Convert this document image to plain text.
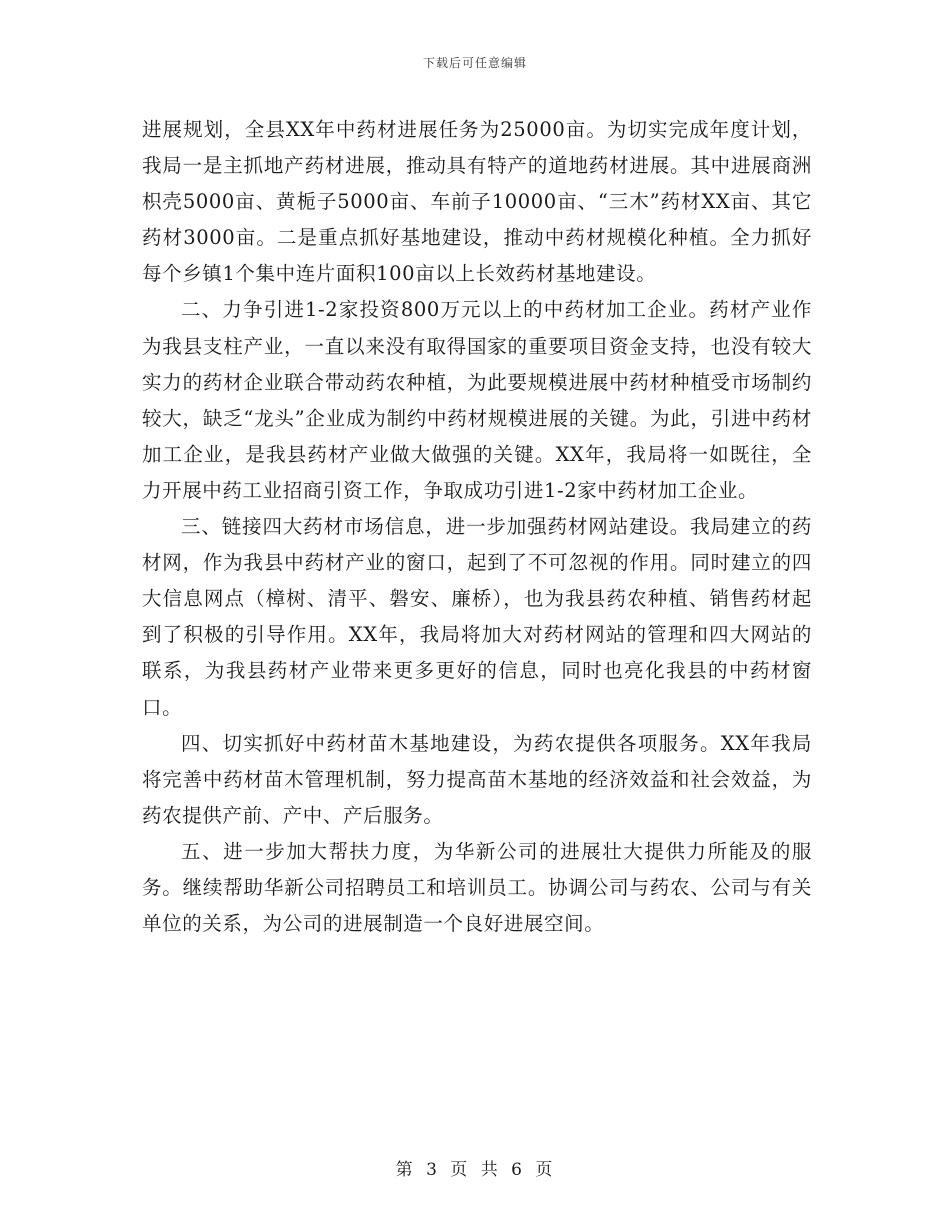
下载后可任意编辑

进展规划，全县XX年中药材进展任务为25000亩。为切实完成年度计划，我局一是主抓地产药材进展，推动具有特产的道地药材进展。其中进展商洲枳壳5000亩、黄栀子5000亩、车前子10000亩、“三木”药材XX亩、其它药材3000亩。二是重点抓好基地建设，推动中药材规模化种植。全力抓好每个乡镇1个集中连片面积100亩以上长效药材基地建设。

二、力争引进1-2家投资800万元以上的中药材加工企业。药材产业作为我县支柱产业，一直以来没有取得国家的重要项目资金支持，也没有较大实力的药材企业联合带动药农种植，为此要规模进展中药材种植受市场制约较大，缺乏“龙头”企业成为制约中药材规模进展的关键。为此，引进中药材加工企业，是我县药材产业做大做强的关键。XX年，我局将一如既往，全力开展中药工业招商引资工作，争取成功引进1-2家中药材加工企业。

三、链接四大药材市场信息，进一步加强药材网站建设。我局建立的药材网，作为我县中药材产业的窗口，起到了不可忽视的作用。同时建立的四大信息网点（樟树、清平、磐安、廉桥），也为我县药农种植、销售药材起到了积极的引导作用。XX年，我局将加大对药材网站的管理和四大网站的联系，为我县药材产业带来更多更好的信息，同时也亮化我县的中药材窗口。

四、切实抓好中药材苗木基地建设，为药农提供各项服务。XX年我局将完善中药材苗木管理机制，努力提高苗木基地的经济效益和社会效益，为药农提供产前、产中、产后服务。

五、进一步加大帮扶力度，为华新公司的进展壮大提供力所能及的服务。继续帮助华新公司招聘员工和培训员工。协调公司与药农、公司与有关单位的关系，为公司的进展制造一个良好进展空间。

第 3 页 共 6 页
